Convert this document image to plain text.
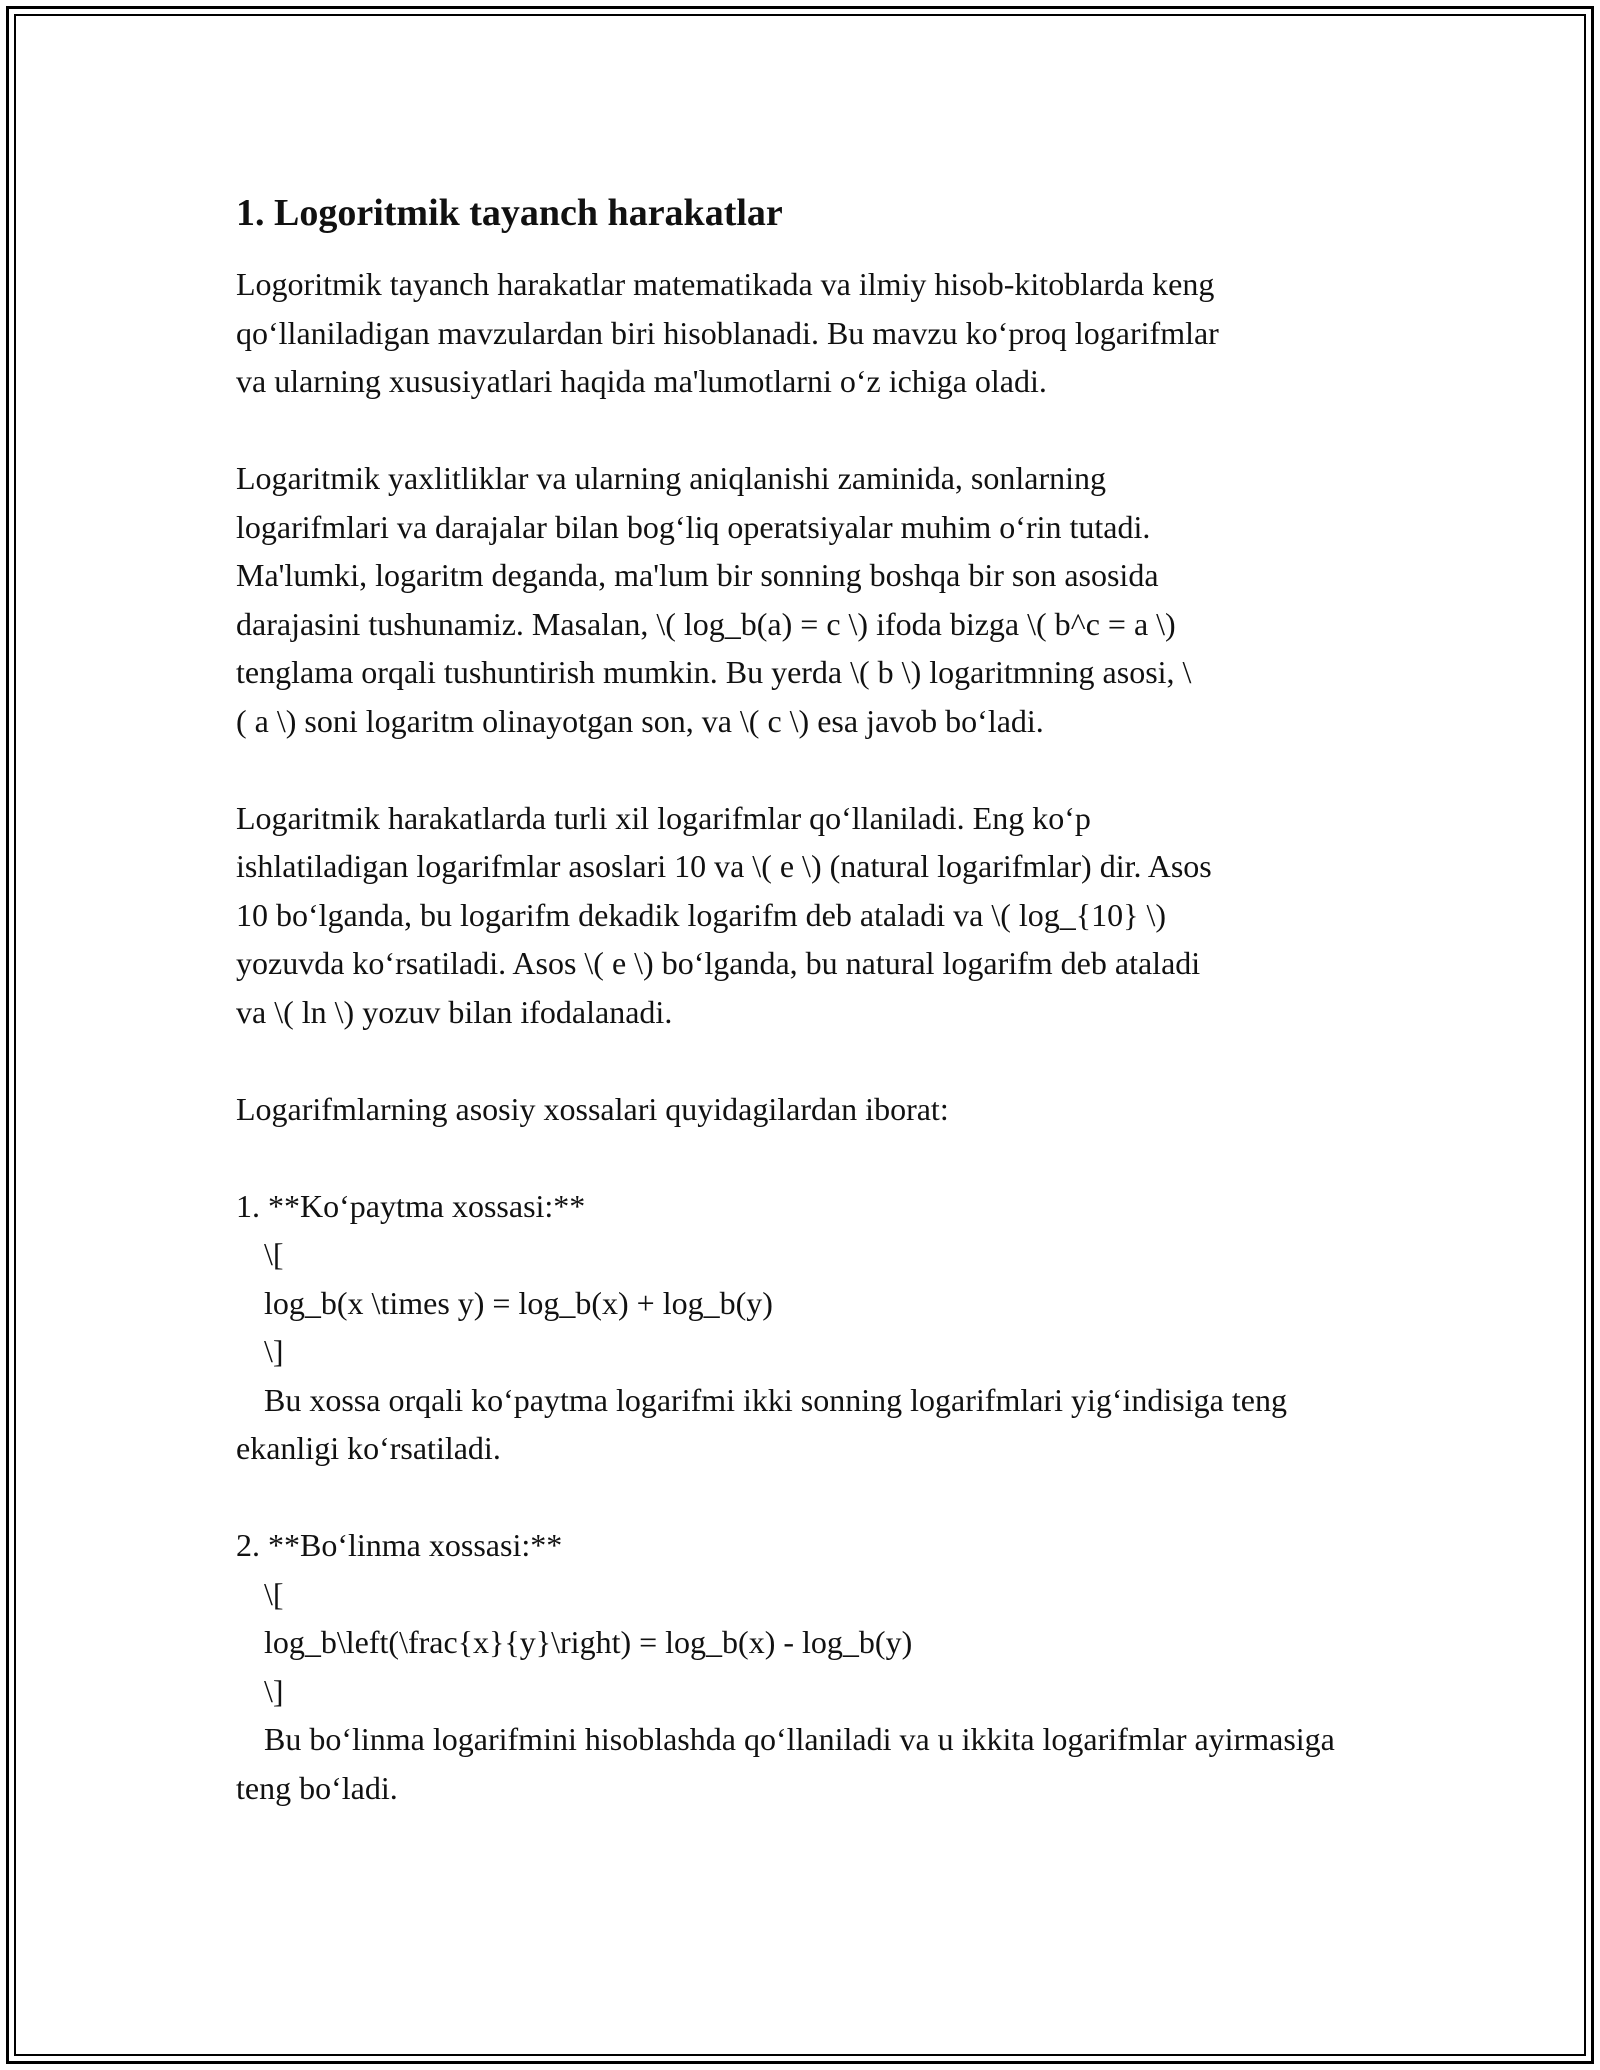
1. Logoritmik tayanch harakatlar

Logoritmik tayanch harakatlar matematikada va ilmiy hisob-kitoblarda keng
qo‘llaniladigan mavzulardan biri hisoblanadi. Bu mavzu ko‘proq logarifmlar
va ularning xususiyatlari haqida ma'lumotlarni o‘z ichiga oladi.

Logaritmik yaxlitliklar va ularning aniqlanishi zaminida, sonlarning
logarifmlari va darajalar bilan bog‘liq operatsiyalar muhim o‘rin tutadi.
Ma'lumki, logaritm deganda, ma'lum bir sonning boshqa bir son asosida
darajasini tushunamiz. Masalan, \( log_b(a) = c \) ifoda bizga \( b^c = a \)
tenglama orqali tushuntirish mumkin. Bu yerda \( b \) logaritmning asosi, \
( a \) soni logaritm olinayotgan son, va \( c \) esa javob bo‘ladi.

Logaritmik harakatlarda turli xil logarifmlar qo‘llaniladi. Eng ko‘p
ishlatiladigan logarifmlar asoslari 10 va \( e \) (natural logarifmlar) dir. Asos
10 bo‘lganda, bu logarifm dekadik logarifm deb ataladi va \( log_{10} \)
yozuvda ko‘rsatiladi. Asos \( e \) bo‘lganda, bu natural logarifm deb ataladi
va \( ln \) yozuv bilan ifodalanadi.

Logarifmlarning asosiy xossalari quyidagilardan iborat:

1. **Ko‘paytma xossasi:**
\[
log_b(x \times y) = log_b(x) + log_b(y)
\]
Bu xossa orqali ko‘paytma logarifmi ikki sonning logarifmlari yig‘indisiga teng ekanligi ko‘rsatiladi.
2. **Bo‘linma xossasi:**
\[
log_b\left(\frac{x}{y}\right) = log_b(x) - log_b(y)
\]
Bu bo‘linma logarifmini hisoblashda qo‘llaniladi va u ikkita logarifmlar ayirmasiga teng bo‘ladi.
